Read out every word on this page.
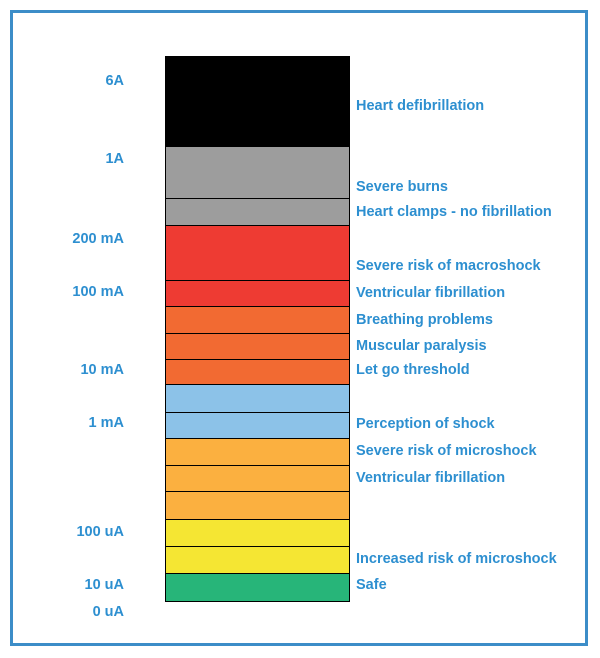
6A
1A
200 mA
100 mA
10 mA
1 mA
100 uA
10 uA
0 uA
Heart defibrillation
Severe burns
Heart clamps - no fibrillation
Severe risk of macroshock
Ventricular fibrillation
Breathing problems
Muscular paralysis
Let go threshold
Perception of shock
Severe risk of microshock
Ventricular fibrillation
Increased risk of microshock
Safe
